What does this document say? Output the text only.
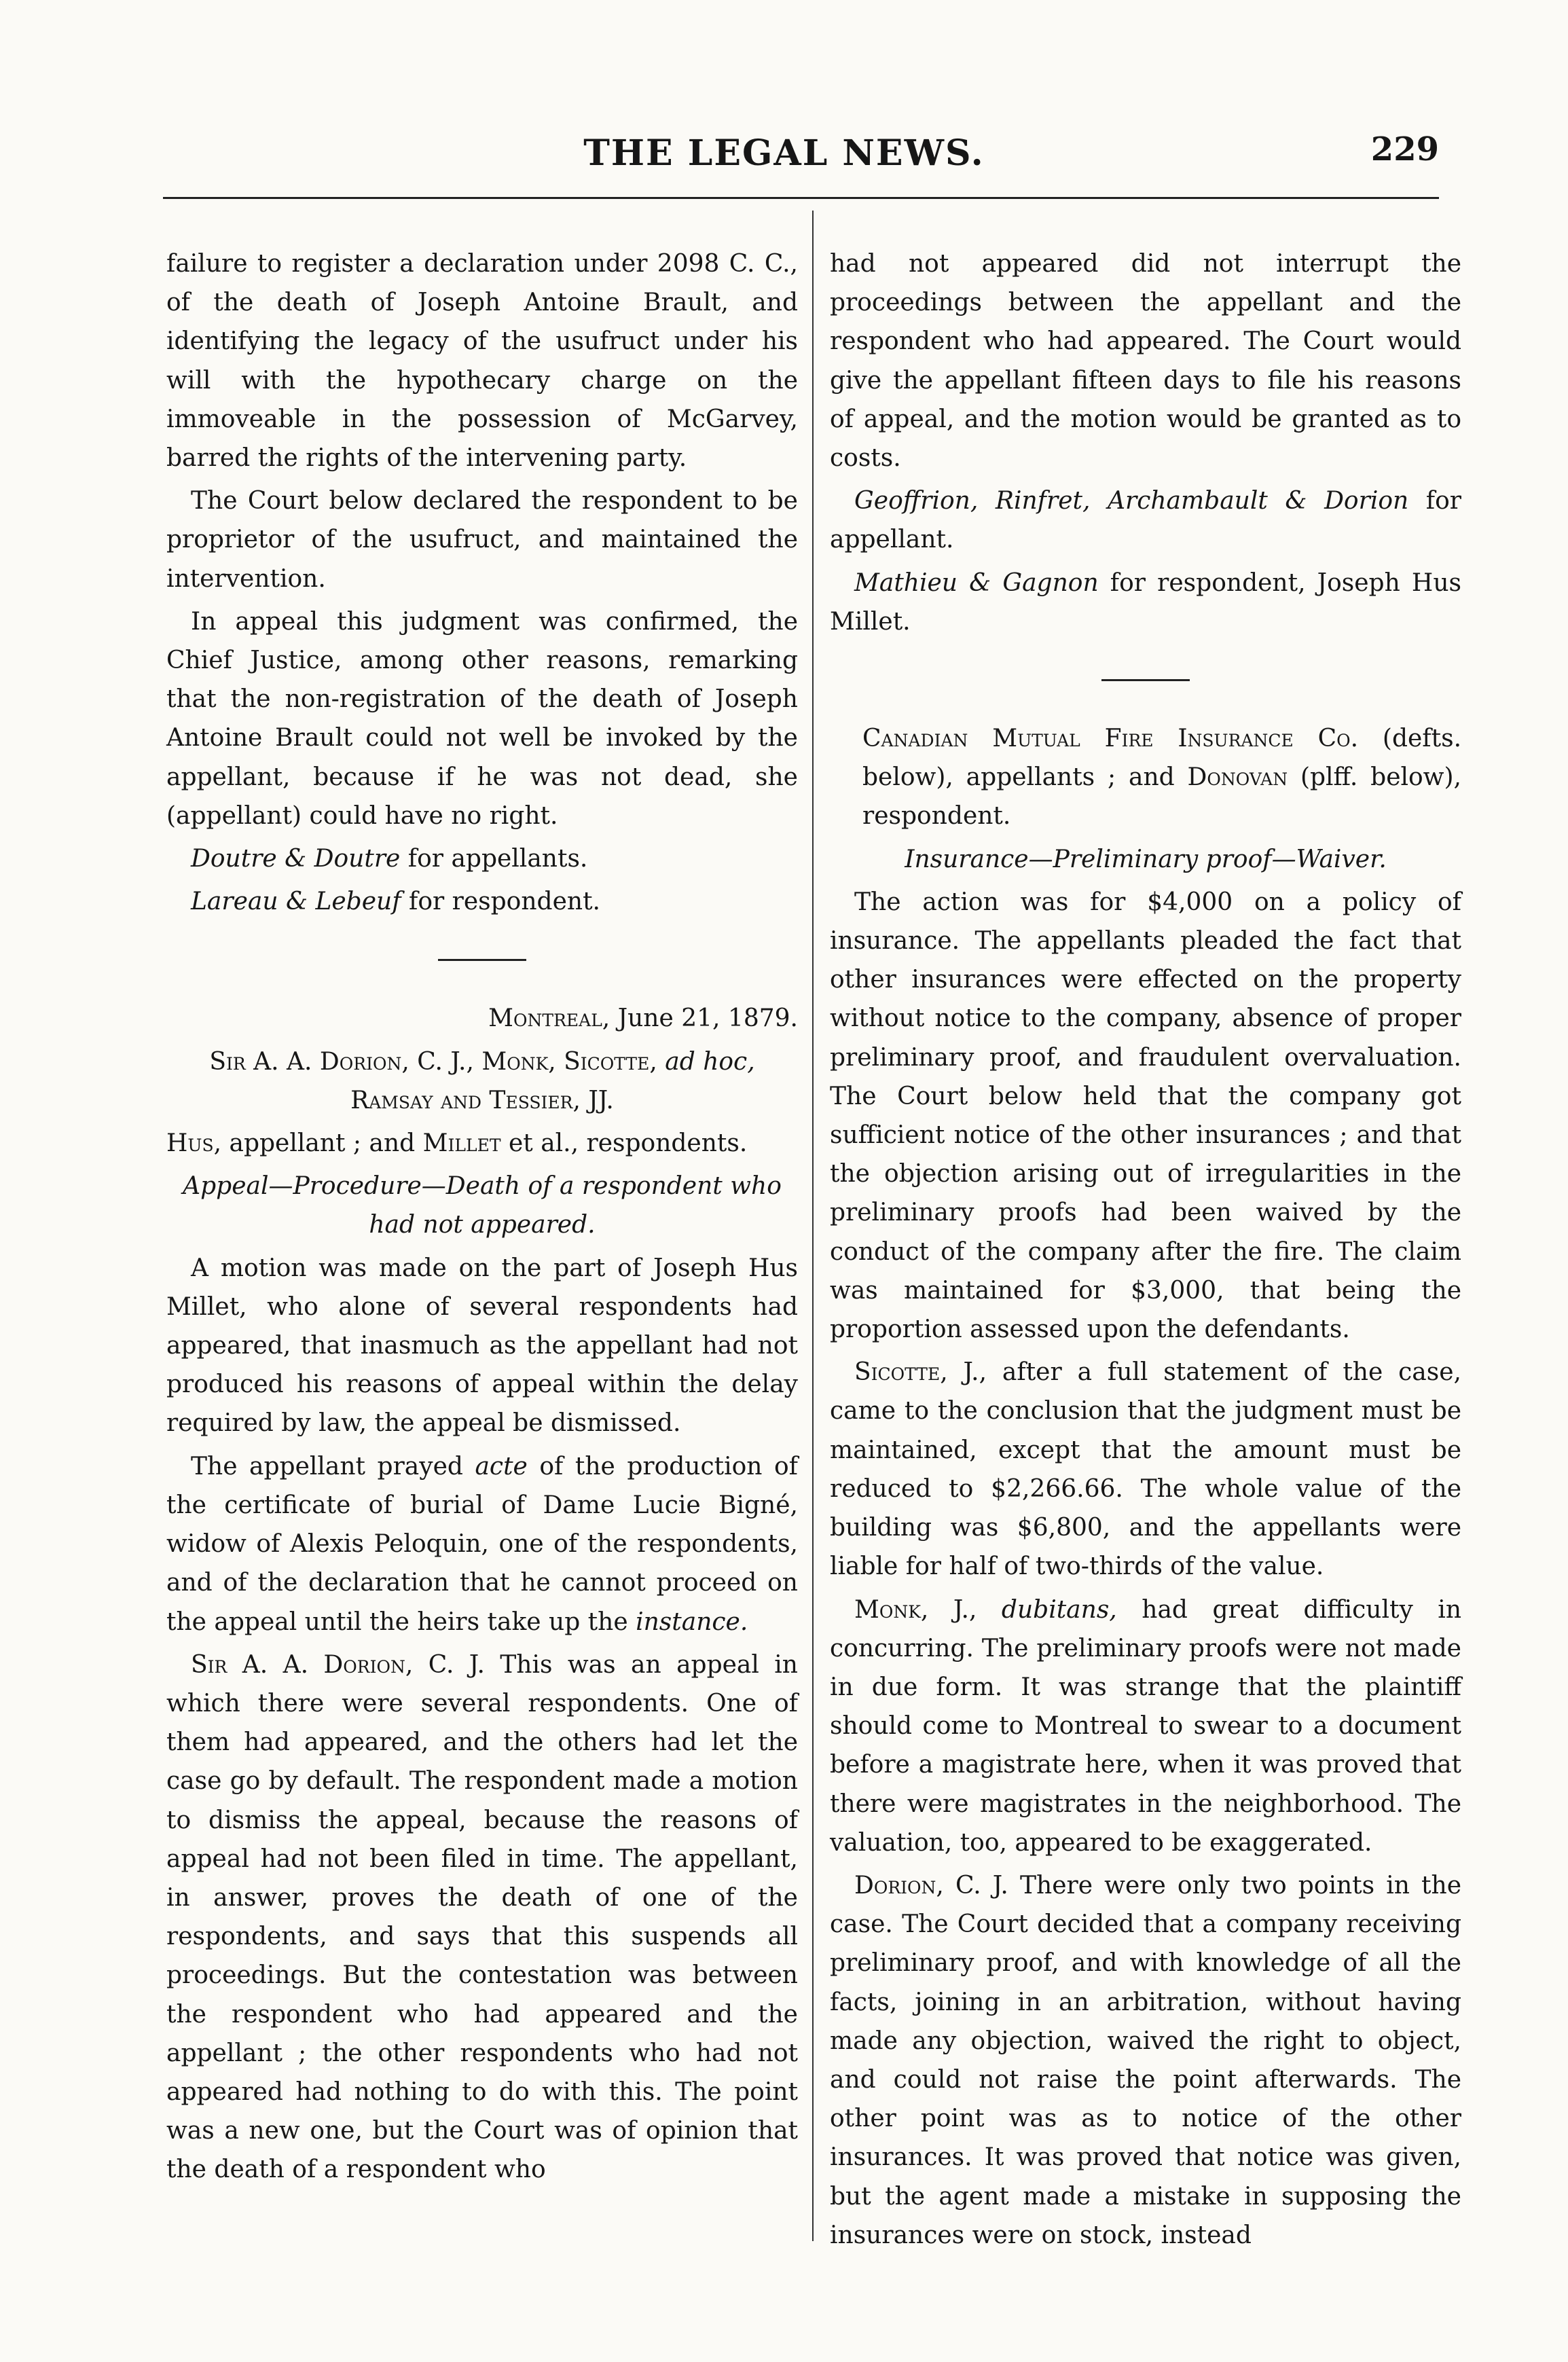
THE LEGAL NEWS.	229

failure to register a declaration under 2098 C. C., of the death of Joseph Antoine Brault, and identifying the legacy of the usufruct under his will with the hypothecary charge on the immoveable in the possession of McGarvey, barred the rights of the intervening party.

The Court below declared the respondent to be proprietor of the usufruct, and maintained the intervention.

In appeal this judgment was confirmed, the Chief Justice, among other reasons, remarking that the non-registration of the death of Joseph Antoine Brault could not well be invoked by the appellant, because if he was not dead, she (appellant) could have no right.

Doutre & Doutre for appellants.

Lareau & Lebeuf for respondent.

Montreal, June 21, 1879.

Sir A. A. Dorion, C. J., Monk, Sicotte, ad hoc,
Ramsay and Tessier, JJ.

Hus, appellant ; and Millet et al., respondents.

Appeal—Procedure—Death of a respondent who had not appeared.

A motion was made on the part of Joseph Hus Millet, who alone of several respondents had appeared, that inasmuch as the appellant had not produced his reasons of appeal within the delay required by law, the appeal be dismissed.

The appellant prayed acte of the production of the certificate of burial of Dame Lucie Bigné, widow of Alexis Peloquin, one of the respondents, and of the declaration that he cannot proceed on the appeal until the heirs take up the instance.

Sir A. A. Dorion, C. J. This was an appeal in which there were several respondents. One of them had appeared, and the others had let the case go by default. The respondent made a motion to dismiss the appeal, because the reasons of appeal had not been filed in time. The appellant, in answer, proves the death of one of the respondents, and says that this suspends all proceedings. But the contestation was between the respondent who had appeared and the appellant ; the other respondents who had not appeared had nothing to do with this. The point was a new one, but the Court was of opinion that the death of a respondent who

had not appeared did not interrupt the proceedings between the appellant and the respondent who had appeared. The Court would give the appellant fifteen days to file his reasons of appeal, and the motion would be granted as to costs.

Geoffrion, Rinfret, Archambault & Dorion for appellant.

Mathieu & Gagnon for respondent, Joseph Hus Millet.

Canadian Mutual Fire Insurance Co. (defts. below), appellants ; and Donovan (plff. below), respondent.

Insurance—Preliminary proof—Waiver.

The action was for $4,000 on a policy of insurance. The appellants pleaded the fact that other insurances were effected on the property without notice to the company, absence of proper preliminary proof, and fraudulent overvaluation. The Court below held that the company got sufficient notice of the other insurances ; and that the objection arising out of irregularities in the preliminary proofs had been waived by the conduct of the company after the fire. The claim was maintained for $3,000, that being the proportion assessed upon the defendants.

Sicotte, J., after a full statement of the case, came to the conclusion that the judgment must be maintained, except that the amount must be reduced to $2,266.66. The whole value of the building was $6,800, and the appellants were liable for half of two-thirds of the value.

Monk, J., dubitans, had great difficulty in concurring. The preliminary proofs were not made in due form. It was strange that the plaintiff should come to Montreal to swear to a document before a magistrate here, when it was proved that there were magistrates in the neighborhood. The valuation, too, appeared to be exaggerated.

Dorion, C. J. There were only two points in the case. The Court decided that a company receiving preliminary proof, and with knowledge of all the facts, joining in an arbitration, without having made any objection, waived the right to object, and could not raise the point afterwards. The other point was as to notice of the other insurances. It was proved that notice was given, but the agent made a mistake in supposing the insurances were on stock, instead
